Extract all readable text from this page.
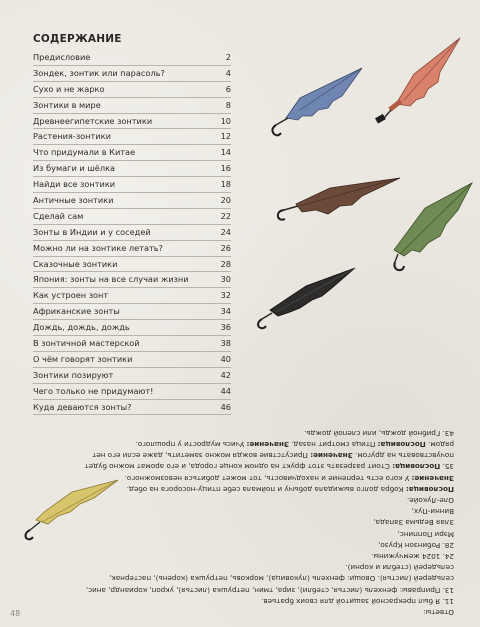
СОДЕРЖАНИЕ
Предисловие	2
Зондек, зонтик или парасоль?	4
Сухо и не жарко	6
Зонтики в мире	8
Древнеегипетские зонтики	10
Растения-зонтики	12
Что придумали в Китае	14
Из бумаги и шёлка	16
Найди все зонтики	18
Античные зонтики	20
Сделай сам	22
Зонты в Индии и у соседей	24
Можно ли на зонтике летать?	26
Сказочные зонтики	28
Япония: зонты на все случаи жизни	30
Как устроен зонт	32
Африканские зонты	34
Дождь, дождь, дождь	36
В зонтичной мастерской	38
О чём говорят зонтики	40
Зонтики позируют	42
Чего только не придумают!	44
Куда деваются зонты?	46

Ответы:

11. Я был прекрасной защитой для своих братьев.

13. Приправы: фенхель (листья, стебли), зира, тмин, петрушка (листья), укроп, кориандр, анис,

сельдерей (листья). Овощи: фенхель (луковица), морковь, петрушка (корень), пастернак,

сельдерей (стебли и корни).

24. 1024 жемчужины.

28. Робинзон Крузо,

Мэри Поппинс,

Злая Ведьма Запада,

Винни-Пух,

Оле-Лукойе.

Пословица: Кобра долго выжидала добычу и поймала себе птицу-носорога на обед.

Значение: У кого есть терпение и находчивость, тот может добиться невозможного.

35. Пословица: Стоит разрезать этот фрукт на одном конце города, и его аромат можно будет

почувствовать на другом. Значение: Присутствие вождя можно заметить, даже если его нет

рядом. Пословица: Птица смотрит назад. Значение: Учись мудрости у прошлого.

43. Грибной дождь, или слепой дождь.

48
